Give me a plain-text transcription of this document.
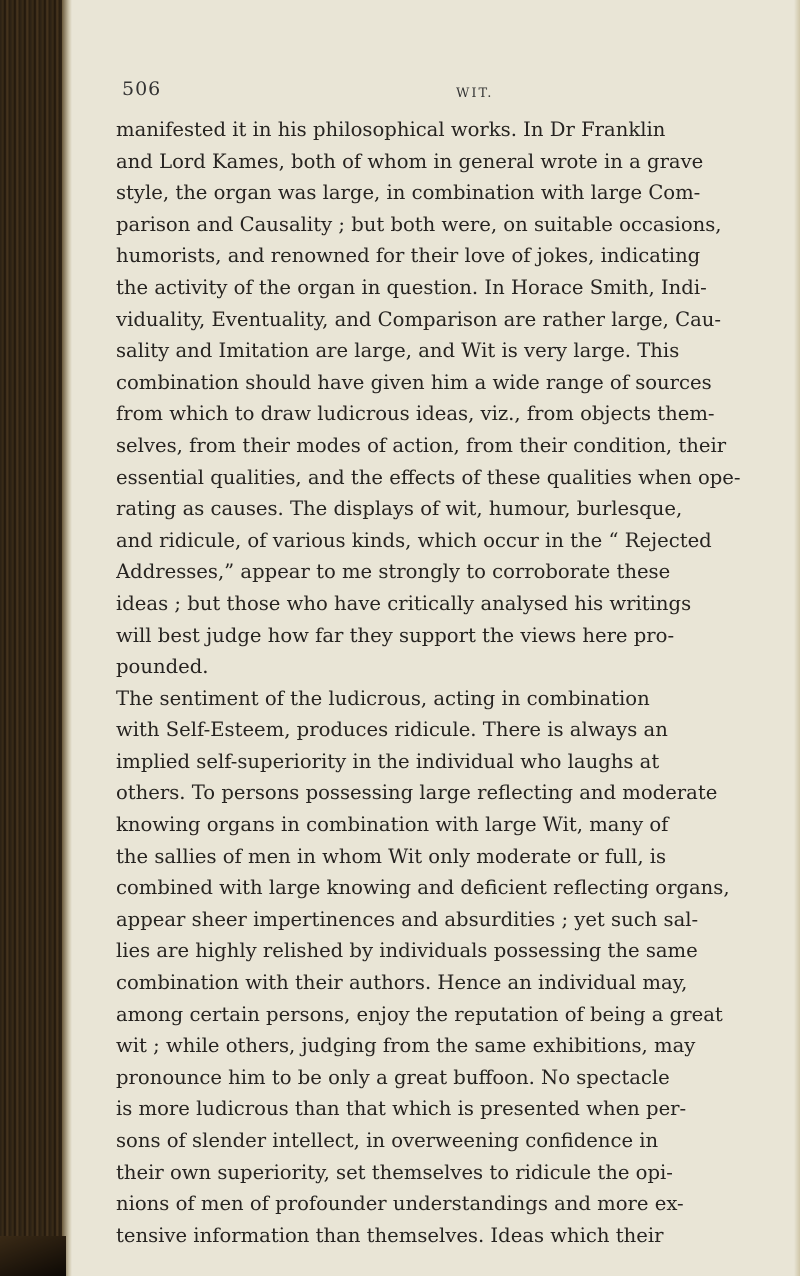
506	WIT.
manifested it in his philosophical works. In Dr Franklin
and Lord Kames, both of whom in general wrote in a grave
style, the organ was large, in combination with large Com-
parison and Causality ; but both were, on suitable occasions,
humorists, and renowned for their love of jokes, indicating
the activity of the organ in question. In Horace Smith, Indi-
viduality, Eventuality, and Comparison are rather large, Cau-
sality and Imitation are large, and Wit is very large. This
combination should have given him a wide range of sources
from which to draw ludicrous ideas, viz., from objects them-
selves, from their modes of action, from their condition, their
essential qualities, and the effects of these qualities when ope-
rating as causes. The displays of wit, humour, burlesque,
and ridicule, of various kinds, which occur in the “ Rejected
Addresses,” appear to me strongly to corroborate these
ideas ; but those who have critically analysed his writings
will best judge how far they support the views here pro-
pounded.
The sentiment of the ludicrous, acting in combination
with Self-Esteem, produces ridicule. There is always an
implied self-superiority in the individual who laughs at
others. To persons possessing large reflecting and moderate
knowing organs in combination with large Wit, many of
the sallies of men in whom Wit only moderate or full, is
combined with large knowing and deficient reflecting organs,
appear sheer impertinences and absurdities ; yet such sal-
lies are highly relished by individuals possessing the same
combination with their authors. Hence an individual may,
among certain persons, enjoy the reputation of being a great
wit ; while others, judging from the same exhibitions, may
pronounce him to be only a great buffoon. No spectacle
is more ludicrous than that which is presented when per-
sons of slender intellect, in overweening confidence in
their own superiority, set themselves to ridicule the opi-
nions of men of profounder understandings and more ex-
tensive information than themselves. Ideas which their
